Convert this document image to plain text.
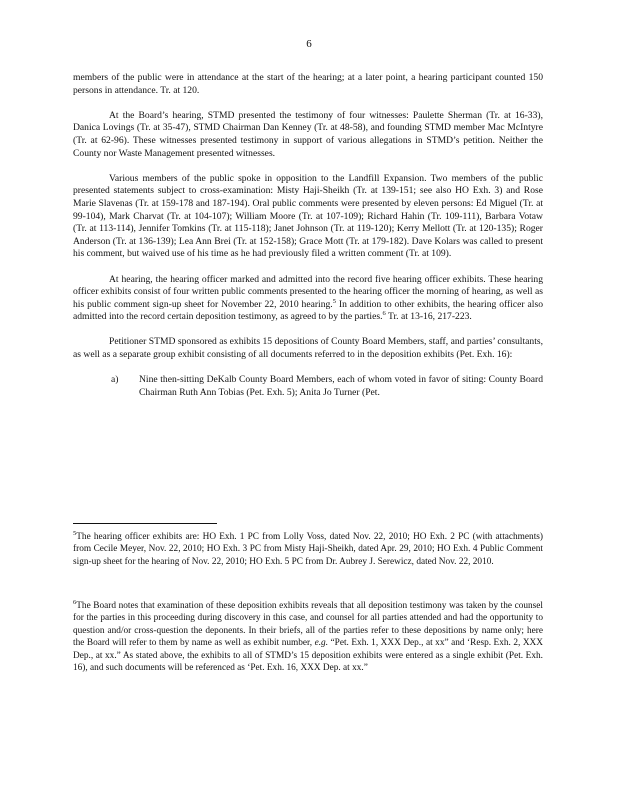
6

members of the public were in attendance at the start of the hearing; at a later point, a hearing participant counted 150 persons in attendance. Tr. at 120.

At the Board’s hearing, STMD presented the testimony of four witnesses: Paulette Sherman (Tr. at 16-33), Danica Lovings (Tr. at 35-47), STMD Chairman Dan Kenney (Tr. at 48-58), and founding STMD member Mac McIntyre (Tr. at 62-96). These witnesses presented testimony in support of various allegations in STMD’s petition. Neither the County nor Waste Management presented witnesses.

Various members of the public spoke in opposition to the Landfill Expansion. Two members of the public presented statements subject to cross-examination: Misty Haji-Sheikh (Tr. at 139-151; see also HO Exh. 3) and Rose Marie Slavenas (Tr. at 159-178 and 187-194). Oral public comments were presented by eleven persons: Ed Miguel (Tr. at 99-104), Mark Charvat (Tr. at 104-107); William Moore (Tr. at 107-109); Richard Hahin (Tr. 109-111), Barbara Votaw (Tr. at 113-114), Jennifer Tomkins (Tr. at 115-118); Janet Johnson (Tr. at 119-120); Kerry Mellott (Tr. at 120-135); Roger Anderson (Tr. at 136-139); Lea Ann Brei (Tr. at 152-158); Grace Mott (Tr. at 179-182). Dave Kolars was called to present his comment, but waived use of his time as he had previously filed a written comment (Tr. at 109).

At hearing, the hearing officer marked and admitted into the record five hearing officer exhibits. These hearing officer exhibits consist of four written public comments presented to the hearing officer the morning of hearing, as well as his public comment sign-up sheet for November 22, 2010 hearing.$^5$ In addition to other exhibits, the hearing officer also admitted into the record certain deposition testimony, as agreed to by the parties.$^6$ Tr. at 13-16, 217-223.

Petitioner STMD sponsored as exhibits 15 depositions of County Board Members, staff, and parties’ consultants, as well as a separate group exhibit consisting of all documents referred to in the deposition exhibits (Pet. Exh. 16):

a) Nine then-sitting DeKalb County Board Members, each of whom voted in favor of siting: County Board Chairman Ruth Ann Tobias (Pet. Exh. 5); Anita Jo Turner (Pet.
$^5$The hearing officer exhibits are: HO Exh. 1 PC from Lolly Voss, dated Nov. 22, 2010; HO Exh. 2 PC (with attachments) from Cecile Meyer, Nov. 22, 2010; HO Exh. 3 PC from Misty Haji-Sheikh, dated Apr. 29, 2010; HO Exh. 4 Public Comment sign-up sheet for the hearing of Nov. 22, 2010; HO Exh. 5 PC from Dr. Aubrey J. Serewicz, dated Nov. 22, 2010.
$^6$The Board notes that examination of these deposition exhibits reveals that all deposition testimony was taken by the counsel for the parties in this proceeding during discovery in this case, and counsel for all parties attended and had the opportunity to question and/or cross-question the deponents. In their briefs, all of the parties refer to these depositions by name only; here the Board will refer to them by name as well as exhibit number, e.g. “Pet. Exh. 1, XXX Dep., at xx” and ‘Resp. Exh. 2, XXX Dep., at xx.” As stated above, the exhibits to all of STMD’s 15 deposition exhibits were entered as a single exhibit (Pet. Exh. 16), and such documents will be referenced as ‘Pet. Exh. 16, XXX Dep. at xx.”
